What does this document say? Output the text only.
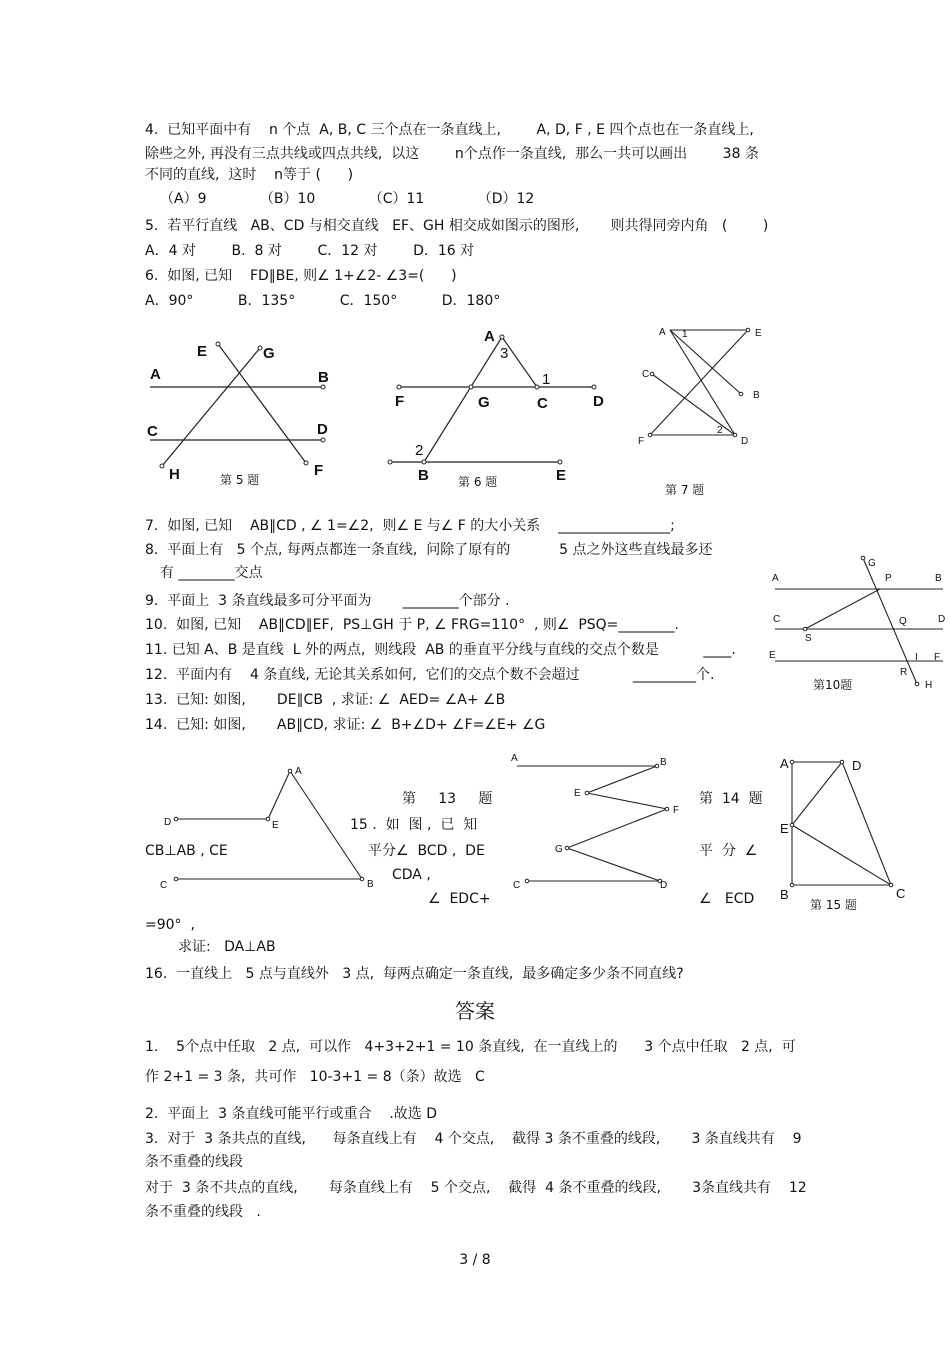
4.  已知平面中有    n 个点  A, B, C 三个点在一条直线上,        A, D, F , E 四个点也在一条直线上,
除些之外, 再没有三点共线或四点共线,  以这        n个点作一条直线,  那么一共可以画出        38 条
不同的直线,  这时    n等于 (      )
（A）9            （B）10            （C）11            （D）12
5.  若平行直线   AB、CD 与相交直线   EF、GH 相交成如图示的图形,       则共得同旁内角   (        )
A．4 对        B.  8 对        C．12 对        D．16 对
6.  如图, 已知    FD∥BE, 则∠ 1+∠2- ∠3=(      )
A．90°          B．135°          C．150°          D．180°
E	G
A	B
C	D
H	F
第 5 题
A
3
1
F	G	C	D
2
B	E
第 6 题
A 1	E
C
B
2
F	D
第 7 题
7.  如图, 已知    AB∥CD , ∠ 1=∠2,  则∠ E 与∠ F 的大小关系    ________________;
8.  平面上有   5 个点, 每两点都连一条直线,  问除了原有的           5 点之外这些直线最多还
有 ________交点
9.  平面上  3 条直线最多可分平面为       ________个部分 .
10.  如图, 已知    AB∥CD∥EF,  PS⊥GH 于 P, ∠ FRG=110°  , 则∠  PSQ=________.
11. 已知 A、B 是直线  L 外的两点,  则线段  AB 的垂直平分线与直线的交点个数是          ____.
12.  平面内有    4 条直线, 无论其关系如何,  它们的交点个数不会超过            _________个.
13.  已知: 如图,       DE∥CB  , 求证: ∠  AED= ∠A+ ∠B
14.  已知: 如图,       AB∥CD, 求证: ∠  B+∠D+ ∠F=∠E+ ∠G
G
A	P	B
C
S
Q	D
E	I F
R
H
第10题
A
D	E
C	B
A	B
E
F
G
C	D
A	D
E
B	C
第 15 题
第     13     题	第  14  题
15 .  如  图 ,  已  知
CB⊥AB , CE	平分∠  BCD ,  DE	平  分  ∠
CDA ,
∠  EDC+	∠   ECD
=90°  ,
求证:   DA⊥AB
16.  一直线上   5 点与直线外   3 点,  每两点确定一条直线,  最多确定多少条不同直线?
答案
1.    5个点中任取   2 点,  可以作   4+3+2+1 = 10 条直线,  在一直线上的      3 个点中任取   2 点,  可
作 2+1 = 3 条,  共可作   10-3+1 = 8（条）故选   C
2.  平面上  3 条直线可能平行或重合    .故选 D
3.  对于  3 条共点的直线,      每条直线上有    4 个交点,    截得 3 条不重叠的线段,       3 条直线共有    9
条不重叠的线段
对于  3 条不共点的直线,       每条直线上有    5 个交点,    截得  4 条不重叠的线段,       3条直线共有    12
条不重叠的线段   .
3 / 8
